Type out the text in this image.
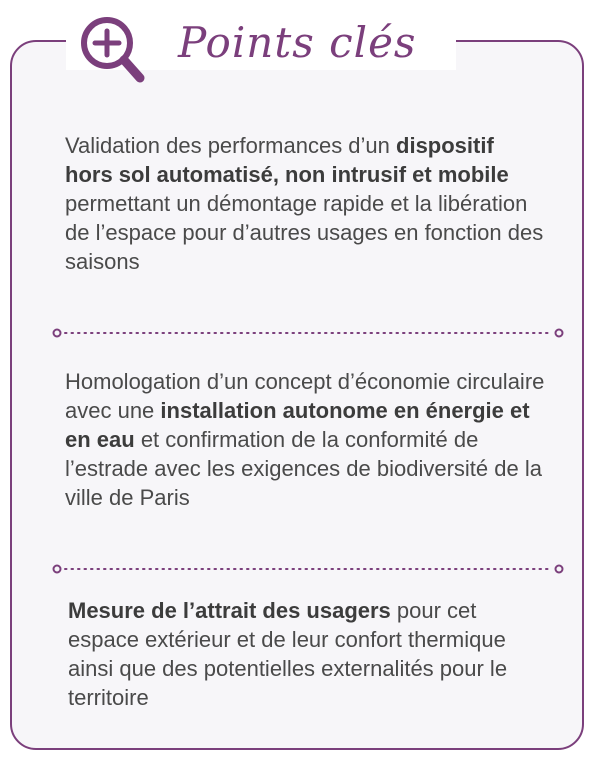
Points clés
Validation des performances d’un dispositif hors sol automatisé, non intrusif et mobile permettant un démontage rapide et la libération de l’espace pour d’autres usages en fonction des saisons
Homologation d’un concept d’économie circulaire avec une installation autonome en énergie et en eau et confirmation de la conformité de l’estrade avec les exigences de biodiversité de la ville de Paris
Mesure de l’attrait des usagers pour cet espace extérieur et de leur confort thermique ainsi que des potentielles externalités pour le territoire
